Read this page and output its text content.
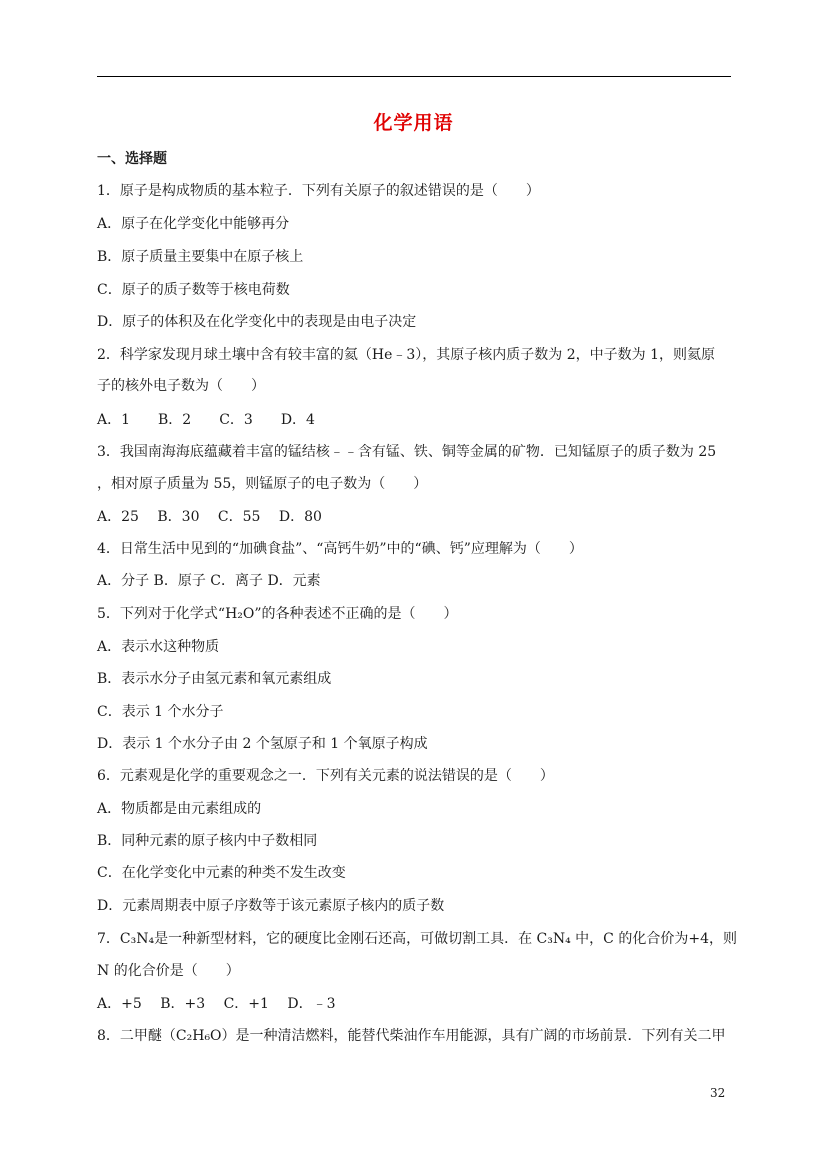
化学用语
一、选择题
1．原子是构成物质的基本粒子．下列有关原子的叙述错误的是（　　）
A．原子在化学变化中能够再分
B．原子质量主要集中在原子核上
C．原子的质子数等于核电荷数
D．原子的体积及在化学变化中的表现是由电子决定
2．科学家发现月球土壤中含有较丰富的氦（He﹣3），其原子核内质子数为 2，中子数为 1，则氦原
子的核外电子数为（　　）
A．1　　B．2　　C．3　　D．4
3．我国南海海底蕴藏着丰富的锰结核﹣﹣含有锰、铁、铜等金属的矿物．已知锰原子的质子数为 25
，相对原子质量为 55，则锰原子的电子数为（　　）
A．25　 B．30　 C．55　 D．80
4．日常生活中见到的“加碘食盐”、“高钙牛奶”中的“碘、钙”应理解为（　　）
A．分子 B．原子 C．离子 D．元素
5．下列对于化学式“H₂O”的各种表述不正确的是（　　）
A．表示水这种物质
B．表示水分子由氢元素和氧元素组成
C．表示 1 个水分子
D．表示 1 个水分子由 2 个氢原子和 1 个氧原子构成
6．元素观是化学的重要观念之一．下列有关元素的说法错误的是（　　）
A．物质都是由元素组成的
B．同种元素的原子核内中子数相同
C．在化学变化中元素的种类不发生改变
D．元素周期表中原子序数等于该元素原子核内的质子数
7．C₃N₄是一种新型材料，它的硬度比金刚石还高，可做切割工具．在 C₃N₄ 中，C 的化合价为+4，则
N 的化合价是（　　）
A．+5　 B．+3　 C．+1　 D．﹣3
8．二甲醚（C₂H₆O）是一种清洁燃料，能替代柴油作车用能源，具有广阔的市场前景．下列有关二甲
32
